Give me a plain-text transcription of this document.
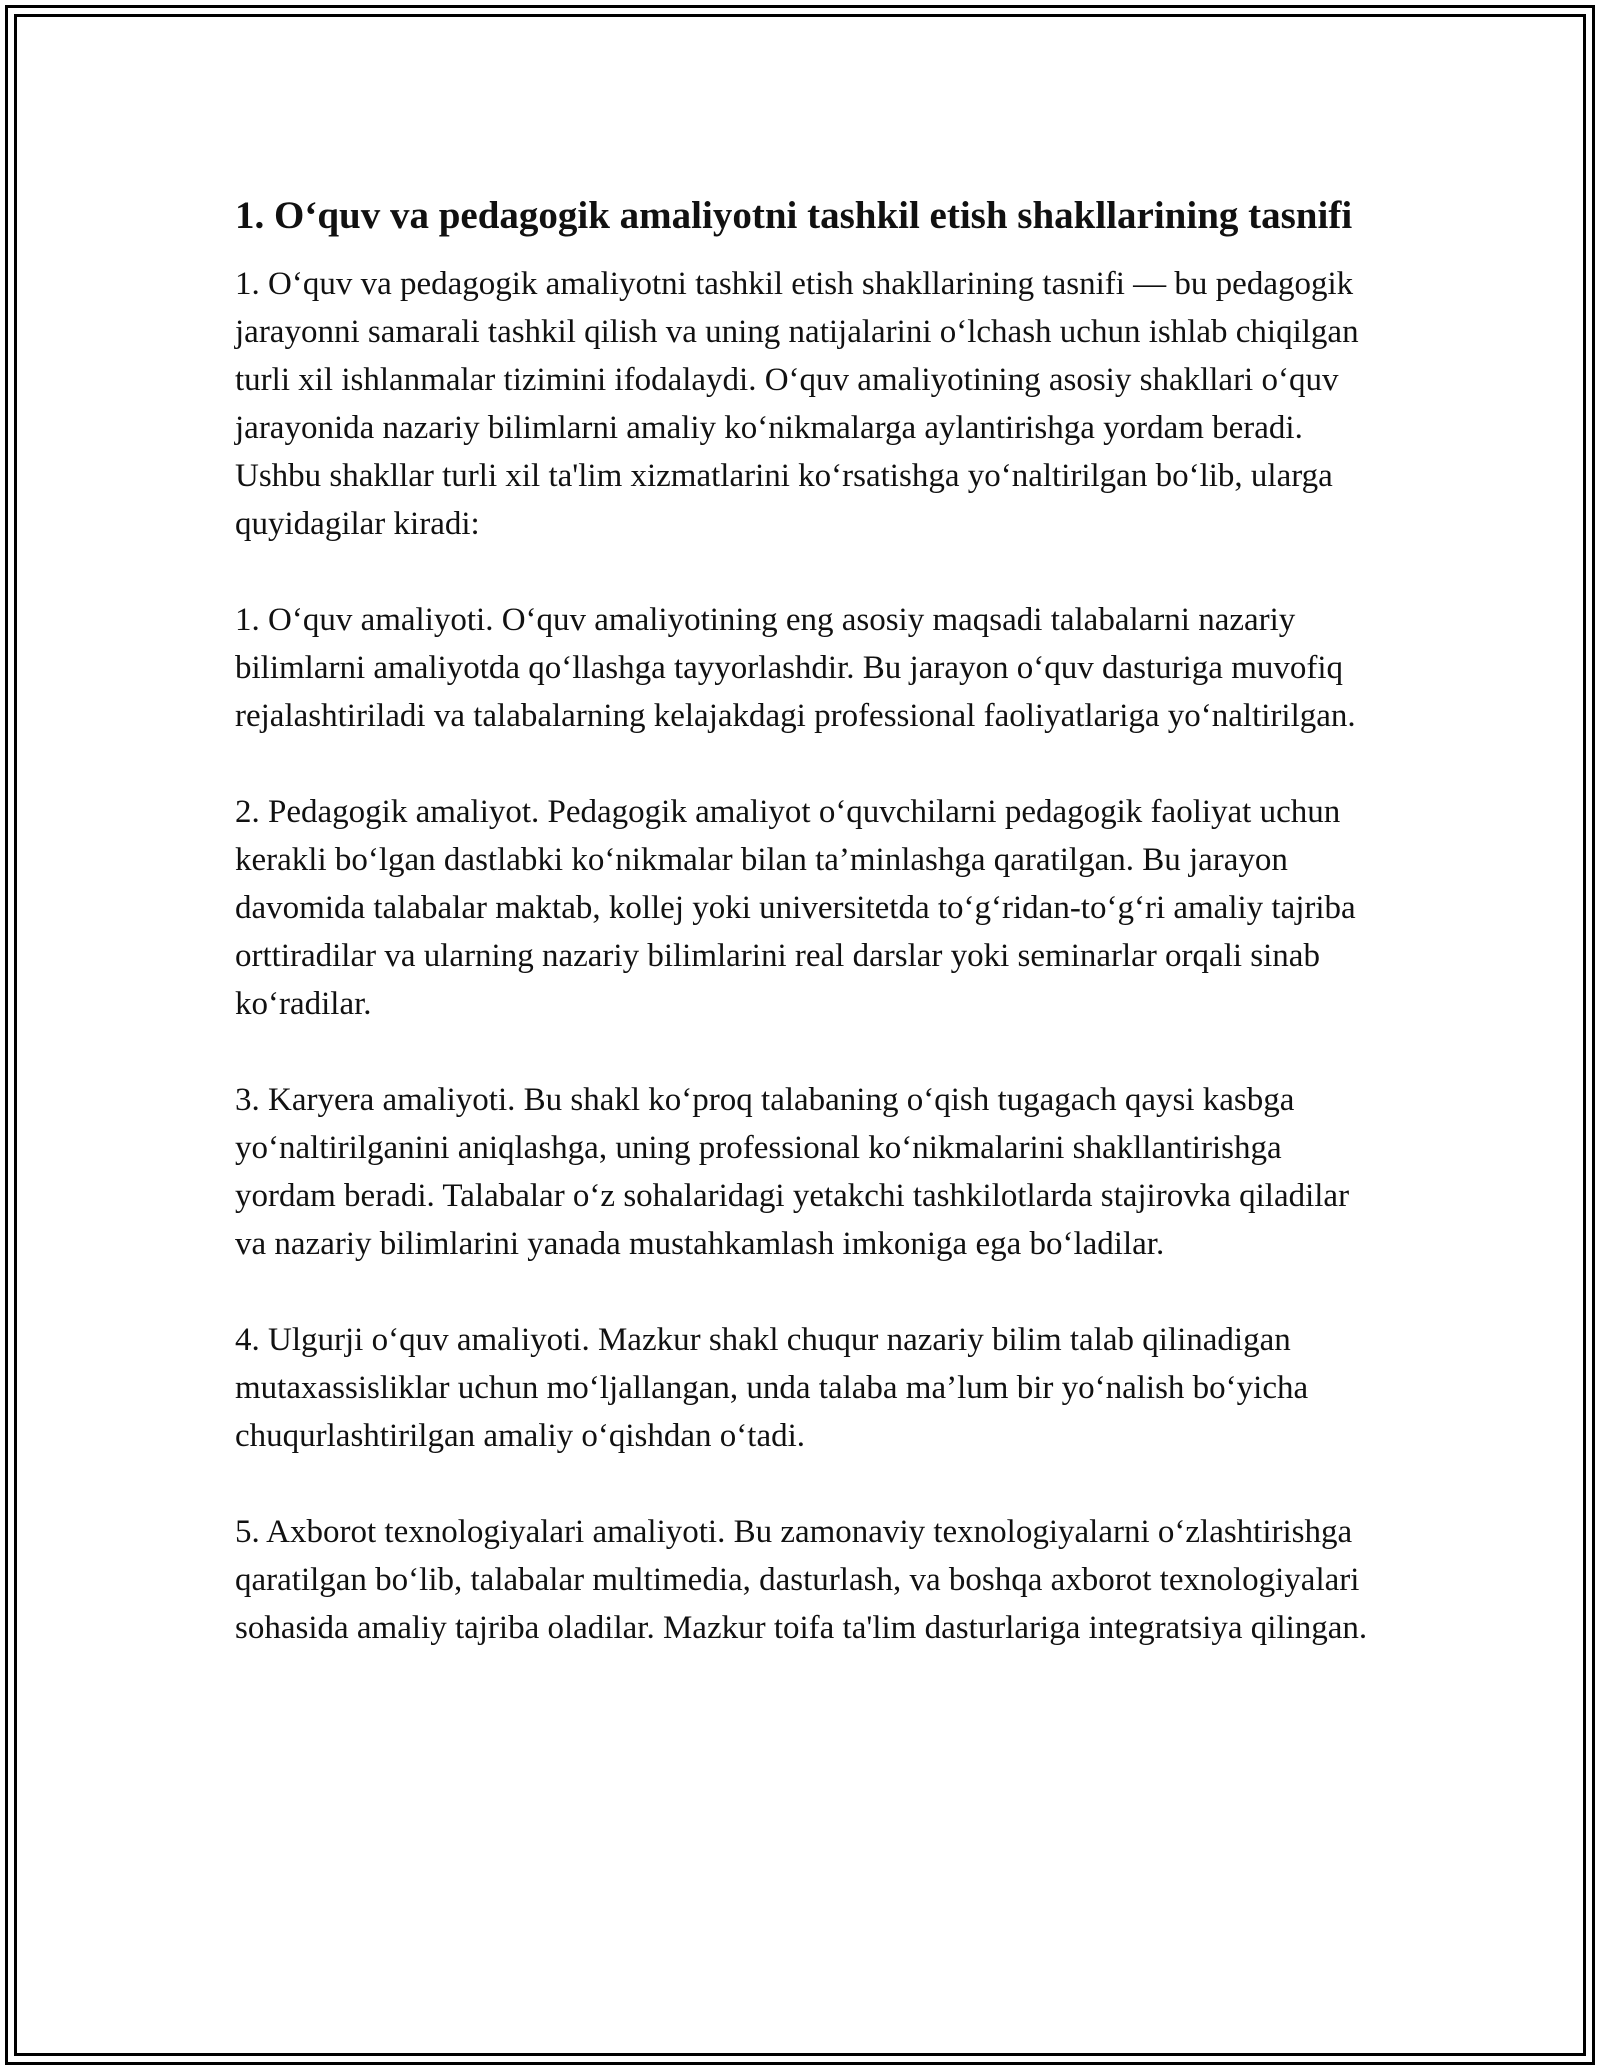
1. O‘quv va pedagogik amaliyotni tashkil etish shakllarining tasnifi

1. O‘quv va pedagogik amaliyotni tashkil etish shakllarining tasnifi — bu pedagogik jarayonni samarali tashkil qilish va uning natijalarini o‘lchash uchun ishlab chiqilgan turli xil ishlanmalar tizimini ifodalaydi. O‘quv amaliyotining asosiy shakllari o‘quv jarayonida nazariy bilimlarni amaliy ko‘nikmalarga aylantirishga yordam beradi. Ushbu shakllar turli xil ta'lim xizmatlarini ko‘rsatishga yo‘naltirilgan bo‘lib, ularga quyidagilar kiradi:

1. O‘quv amaliyoti. O‘quv amaliyotining eng asosiy maqsadi talabalarni nazariy bilimlarni amaliyotda qo‘llashga tayyorlashdir. Bu jarayon o‘quv dasturiga muvofiq rejalashtiriladi va talabalarning kelajakdagi professional faoliyatlariga yo‘naltirilgan.

2. Pedagogik amaliyot. Pedagogik amaliyot o‘quvchilarni pedagogik faoliyat uchun kerakli bo‘lgan dastlabki ko‘nikmalar bilan ta’minlashga qaratilgan. Bu jarayon davomida talabalar maktab, kollej yoki universitetda to‘g‘ridan-to‘g‘ri amaliy tajriba orttiradilar va ularning nazariy bilimlarini real darslar yoki seminarlar orqali sinab ko‘radilar.

3. Karyera amaliyoti. Bu shakl ko‘proq talabaning o‘qish tugagach qaysi kasbga yo‘naltirilganini aniqlashga, uning professional ko‘nikmalarini shakllantirishga yordam beradi. Talabalar o‘z sohalaridagi yetakchi tashkilotlarda stajirovka qiladilar va nazariy bilimlarini yanada mustahkamlash imkoniga ega bo‘ladilar.

4. Ulgurji o‘quv amaliyoti. Mazkur shakl chuqur nazariy bilim talab qilinadigan mutaxassisliklar uchun mo‘ljallangan, unda talaba ma’lum bir yo‘nalish bo‘yicha chuqurlashtirilgan amaliy o‘qishdan o‘tadi.

5. Axborot texnologiyalari amaliyoti. Bu zamonaviy texnologiyalarni o‘zlashtirishga qaratilgan bo‘lib, talabalar multimedia, dasturlash, va boshqa axborot texnologiyalari sohasida amaliy tajriba oladilar. Mazkur toifa ta'lim dasturlariga integratsiya qilingan.
